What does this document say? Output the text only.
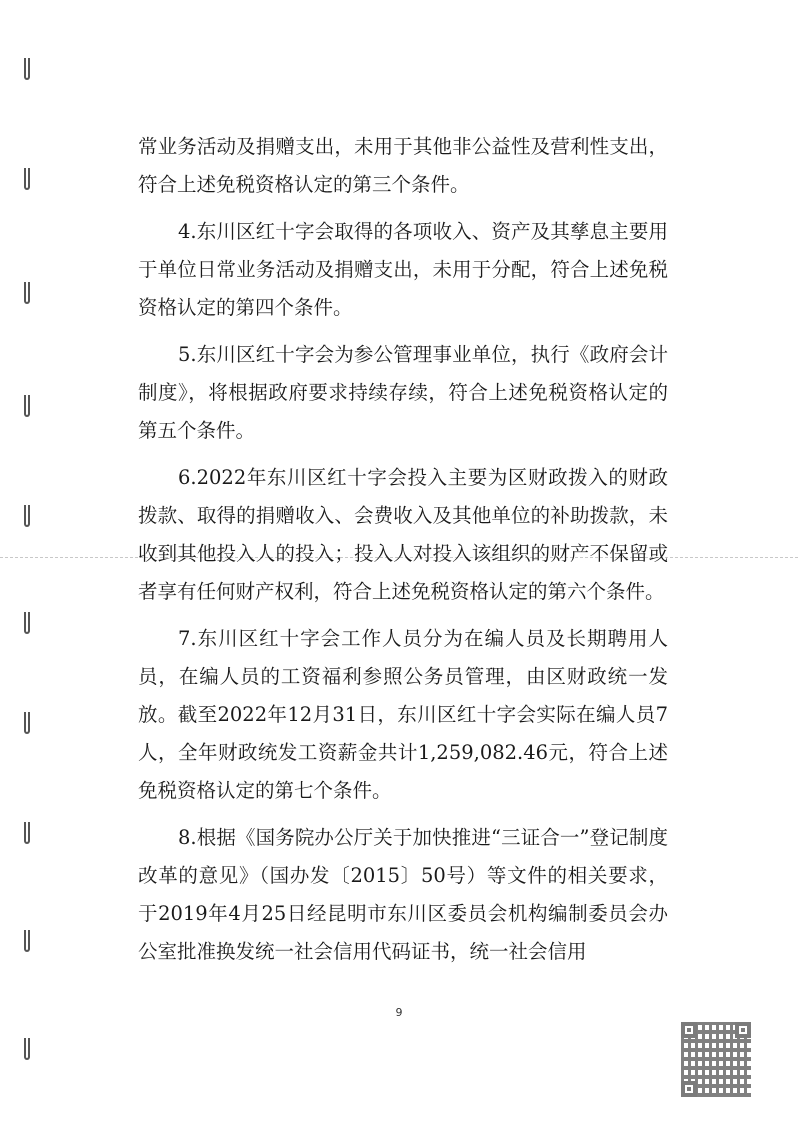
常业务活动及捐赠支出，未用于其他非公益性及营利性支出，符合上述免税资格认定的第三个条件。

4.东川区红十字会取得的各项收入、资产及其孳息主要用于单位日常业务活动及捐赠支出，未用于分配，符合上述免税资格认定的第四个条件。

5.东川区红十字会为参公管理事业单位，执行《政府会计制度》，将根据政府要求持续存续，符合上述免税资格认定的第五个条件。

6.2022年东川区红十字会投入主要为区财政拨入的财政拨款、取得的捐赠收入、会费收入及其他单位的补助拨款，未收到其他投入人的投入；投入人对投入该组织的财产不保留或者享有任何财产权利，符合上述免税资格认定的第六个条件。

7.东川区红十字会工作人员分为在编人员及长期聘用人员，在编人员的工资福利参照公务员管理，由区财政统一发放。截至2022年12月31日，东川区红十字会实际在编人员7人，全年财政统发工资薪金共计1,259,082.46元，符合上述免税资格认定的第七个条件。

8.根据《国务院办公厅关于加快推进“三证合一”登记制度改革的意见》（国办发〔2015〕50号）等文件的相关要求，于2019年4月25日经昆明市东川区委员会机构编制委员会办公室批准换发统一社会信用代码证书，统一社会信用

9
